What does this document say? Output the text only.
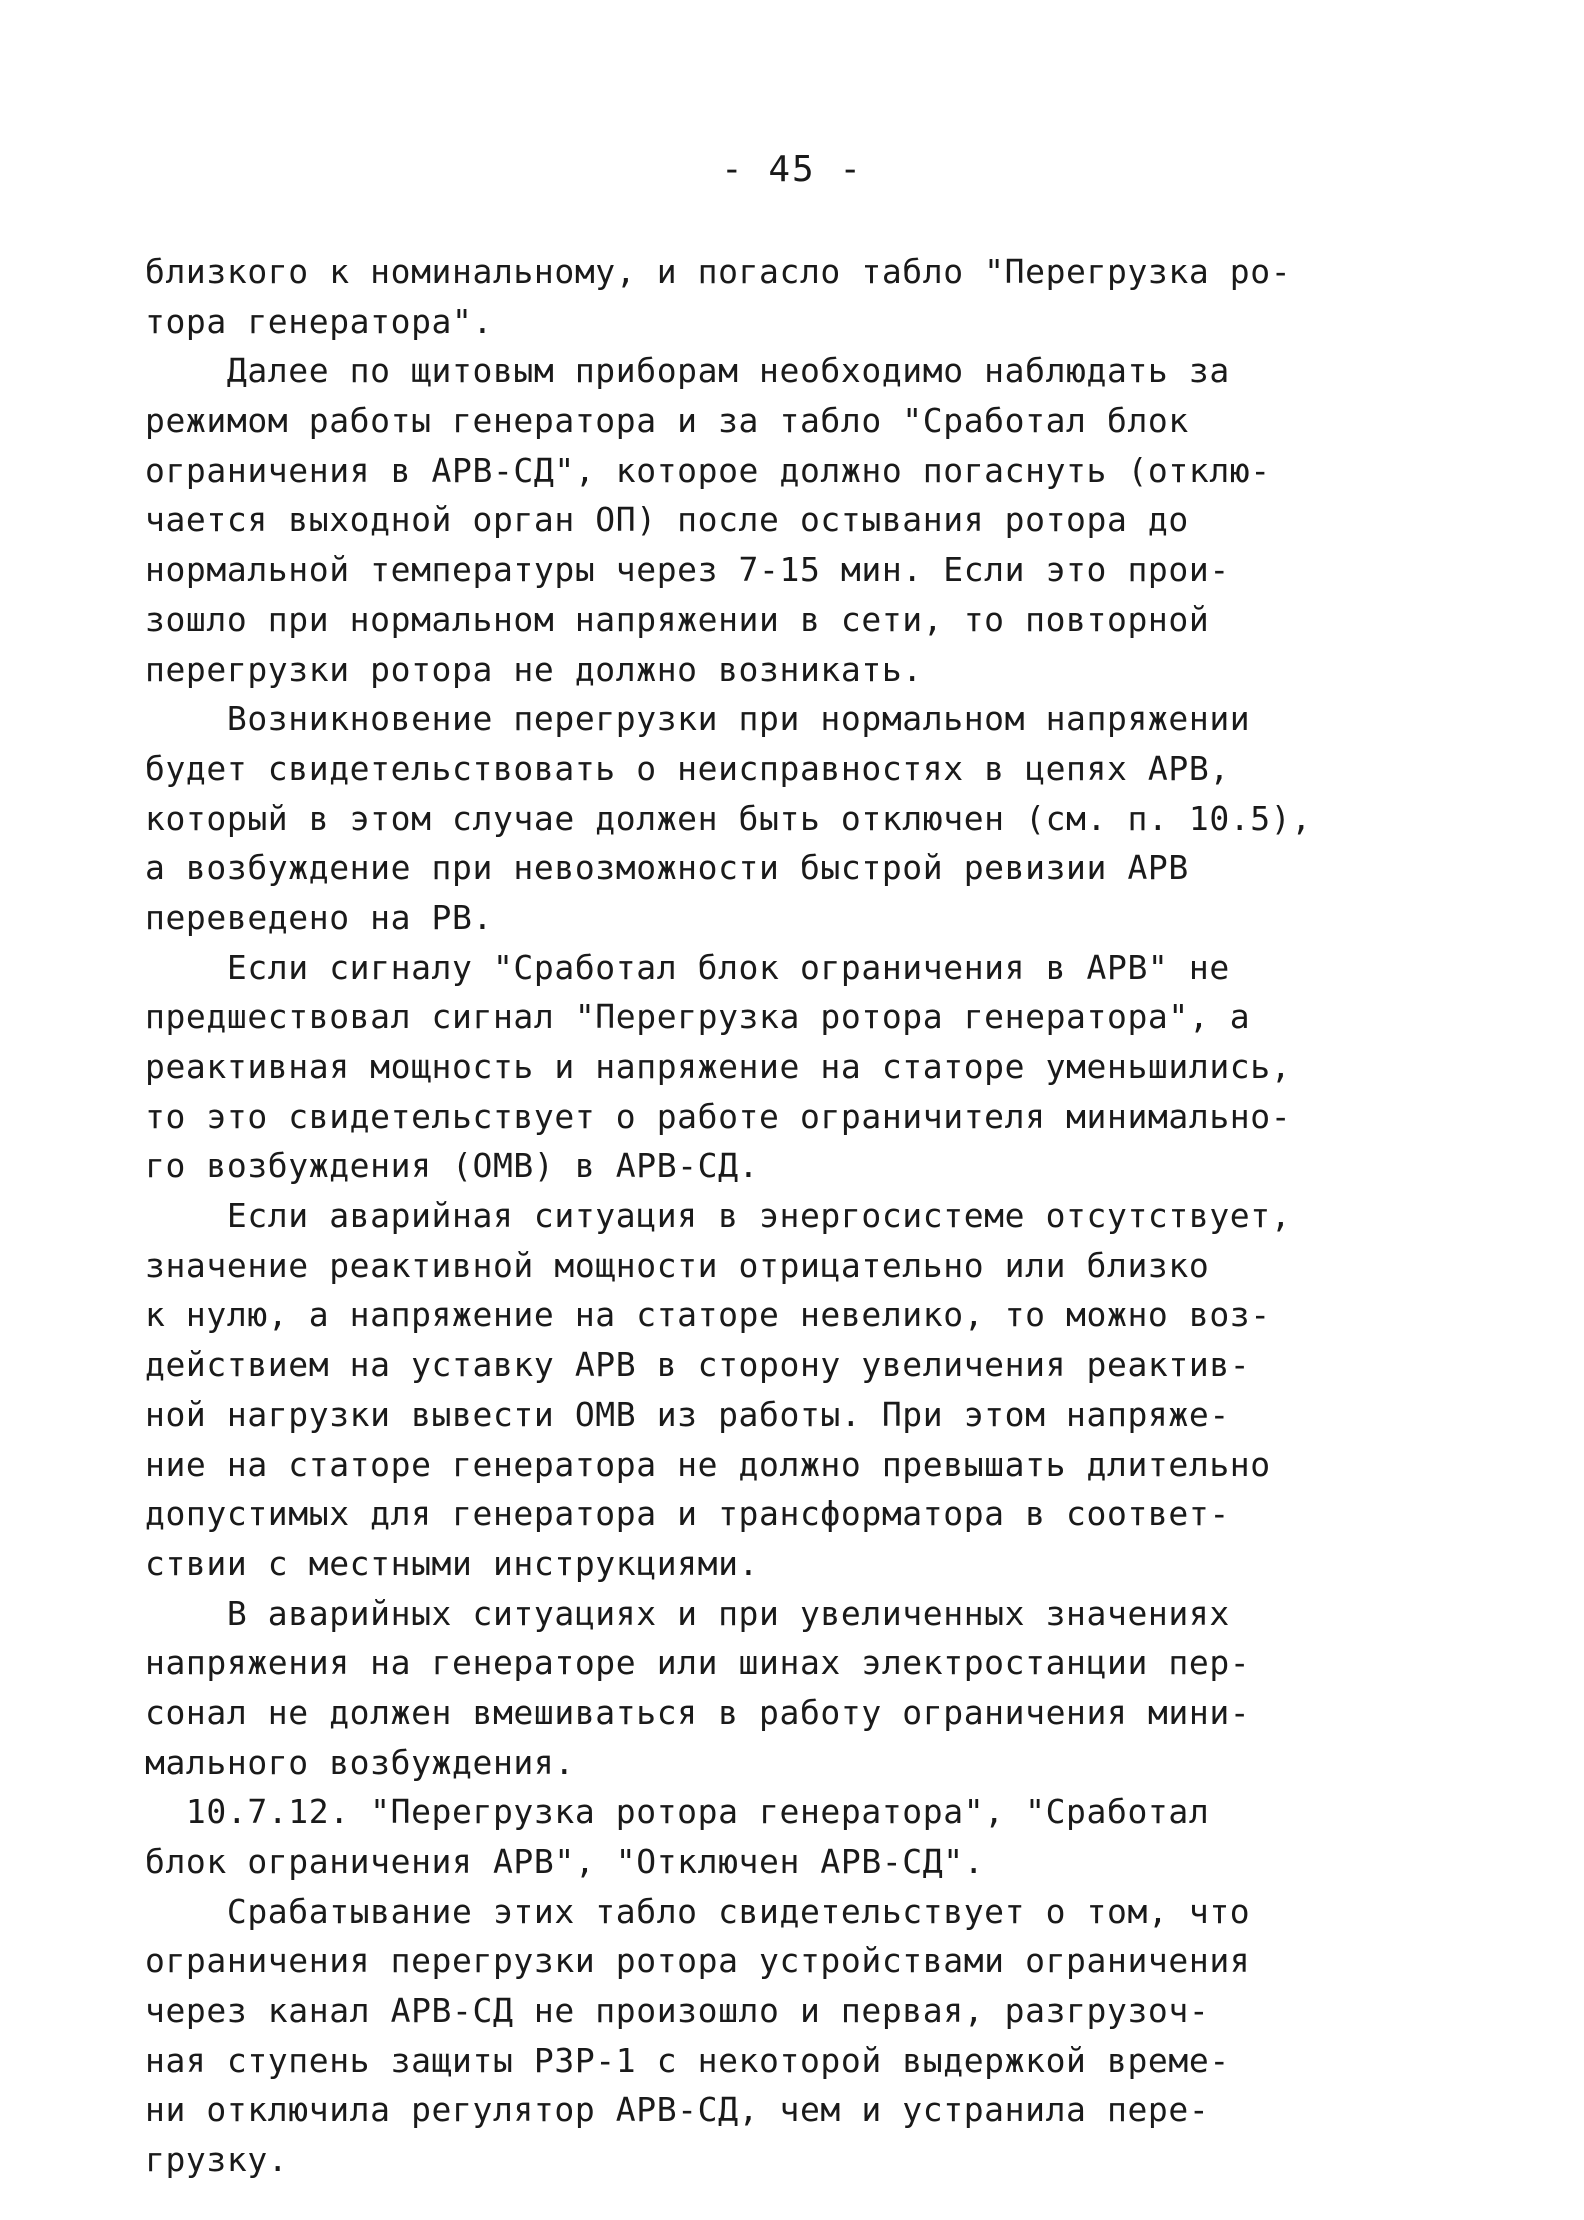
- 45 -
близкого к номинальному, и погасло табло "Перегрузка ро-
тора генератора".
Далее по щитовым приборам необходимо наблюдать за
режимом работы генератора и за табло "Сработал блок
ограничения в АРВ-СД", которое должно погаснуть (отклю-
чается выходной орган ОП) после остывания ротора до
нормальной температуры через 7-15 мин. Если это прои-
зошло при нормальном напряжении в сети, то повторной
перегрузки ротора не должно возникать.
Возникновение перегрузки при нормальном напряжении
будет свидетельствовать о неисправностях в цепях АРВ,
который в этом случае должен быть отключен (см. п. 10.5),
а возбуждение при невозможности быстрой ревизии АРВ
переведено на РВ.
Если сигналу "Сработал блок ограничения в АРВ" не
предшествовал сигнал "Перегрузка ротора генератора", а
реактивная мощность и напряжение на статоре уменьшились,
то это свидетельствует о работе ограничителя минимально-
го возбуждения (ОМВ) в АРВ-СД.
Если аварийная ситуация в энергосистеме отсутствует,
значение реактивной мощности отрицательно или близко
к нулю, а напряжение на статоре невелико, то можно воз-
действием на уставку АРВ в сторону увеличения реактив-
ной нагрузки вывести ОМВ из работы. При этом напряже-
ние на статоре генератора не должно превышать длительно
допустимых для генератора и трансформатора в соответ-
ствии с местными инструкциями.
В аварийных ситуациях и при увеличенных значениях
напряжения на генераторе или шинах электростанции пер-
сонал не должен вмешиваться в работу ограничения мини-
мального возбуждения.
10.7.12. "Перегрузка ротора генератора", "Сработал
блок ограничения АРВ", "Отключен АРВ-СД".
Срабатывание этих табло свидетельствует о том, что
ограничения перегрузки ротора устройствами ограничения
через канал АРВ-СД не произошло и первая, разгрузоч-
ная ступень защиты РЗР-1 с некоторой выдержкой време-
ни отключила регулятор АРВ-СД, чем и устранила пере-
грузку.
